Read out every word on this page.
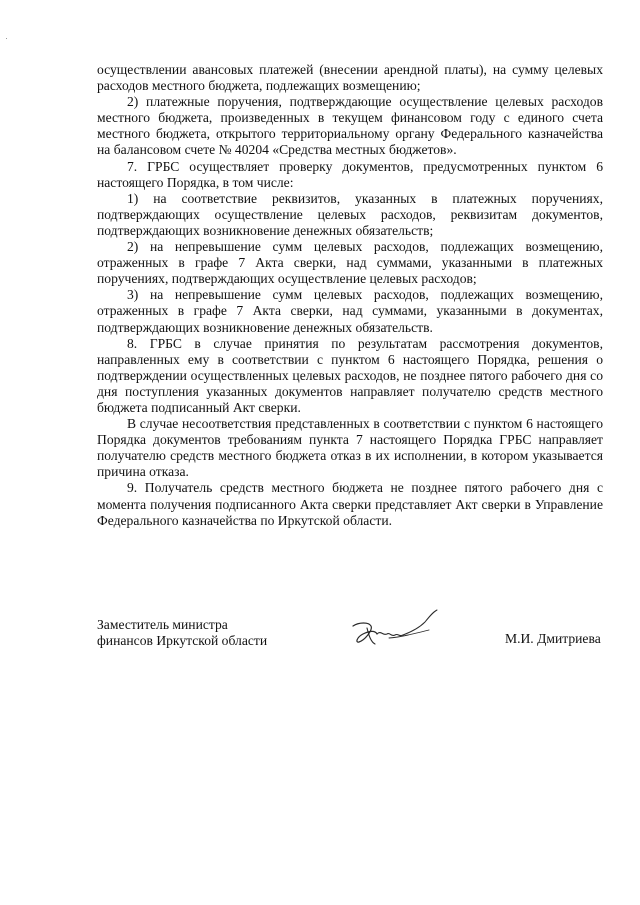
осуществлении авансовых платежей (внесении арендной платы), на сумму целевых расходов местного бюджета, подлежащих возмещению;

2) платежные поручения, подтверждающие осуществление целевых расходов местного бюджета, произведенных в текущем финансовом году с единого счета местного бюджета, открытого территориальному органу Федерального казначейства на балансовом счете № 40204 «Средства местных бюджетов».

7. ГРБС осуществляет проверку документов, предусмотренных пунктом 6 настоящего Порядка, в том числе:

1) на соответствие реквизитов, указанных в платежных поручениях, подтверждающих осуществление целевых расходов, реквизитам документов, подтверждающих возникновение денежных обязательств;

2) на непревышение сумм целевых расходов, подлежащих возмещению, отраженных в графе 7 Акта сверки, над суммами, указанными в платежных поручениях, подтверждающих осуществление целевых расходов;

3) на непревышение сумм целевых расходов, подлежащих возмещению, отраженных в графе 7 Акта сверки, над суммами, указанными в документах, подтверждающих возникновение денежных обязательств.

8. ГРБС в случае принятия по результатам рассмотрения документов, направленных ему в соответствии с пунктом 6 настоящего Порядка, решения о подтверждении осуществленных целевых расходов, не позднее пятого рабочего дня со дня поступления указанных документов направляет получателю средств местного бюджета подписанный Акт сверки.

В случае несоответствия представленных в соответствии с пунктом 6 настоящего Порядка документов требованиям пункта 7 настоящего Порядка ГРБС направляет получателю средств местного бюджета отказ в их исполнении, в котором указывается причина отказа.

9. Получатель средств местного бюджета не позднее пятого рабочего дня с момента получения подписанного Акта сверки представляет Акт сверки в Управление Федерального казначейства по Иркутской области.

Заместитель министра
финансов Иркутской области	М.И. Дмитриева
